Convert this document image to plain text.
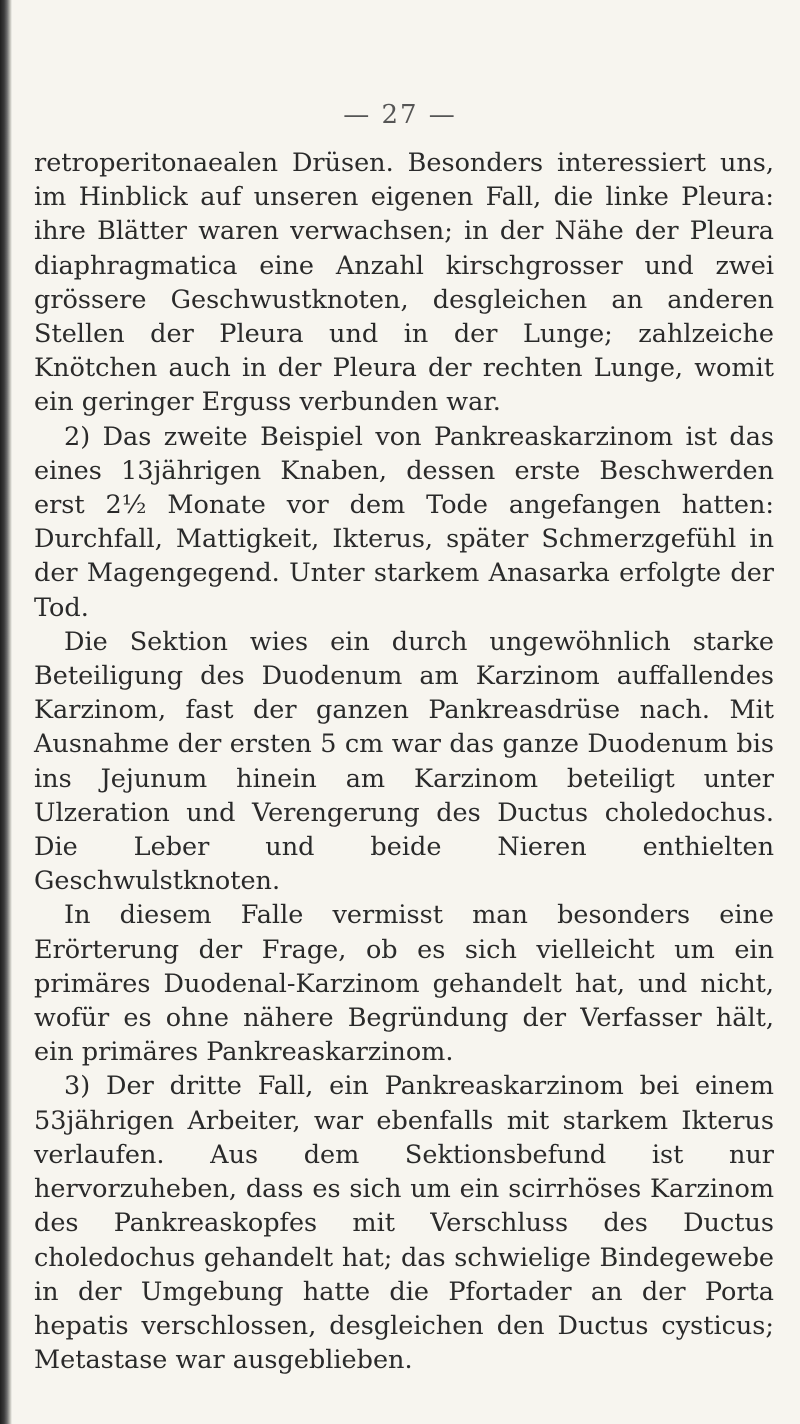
— 27 —

retroperitonaealen Drüsen. Besonders interessiert uns, im Hinblick auf unseren eigenen Fall, die linke Pleura: ihre Blätter waren verwachsen; in der Nähe der Pleura diaphragmatica eine Anzahl kirschgrosser und zwei grössere Geschwustknoten, desgleichen an anderen Stellen der Pleura und in der Lunge; zahlzeiche Knötchen auch in der Pleura der rechten Lunge, womit ein geringer Erguss verbunden war.

2) Das zweite Beispiel von Pankreaskarzinom ist das eines 13jährigen Knaben, dessen erste Beschwerden erst 2½ Monate vor dem Tode angefangen hatten: Durchfall, Mattigkeit, Ikterus, später Schmerzgefühl in der Magengegend. Unter starkem Anasarka erfolgte der Tod.

Die Sektion wies ein durch ungewöhnlich starke Beteiligung des Duodenum am Karzinom auffallendes Karzinom, fast der ganzen Pankreasdrüse nach. Mit Ausnahme der ersten 5 cm war das ganze Duodenum bis ins Jejunum hinein am Karzinom beteiligt unter Ulzeration und Verengerung des Ductus choledochus. Die Leber und beide Nieren enthielten Geschwulstknoten.

In diesem Falle vermisst man besonders eine Erörterung der Frage, ob es sich vielleicht um ein primäres Duodenal-Karzinom gehandelt hat, und nicht, wofür es ohne nähere Begründung der Verfasser hält, ein primäres Pankreaskarzinom.

3) Der dritte Fall, ein Pankreaskarzinom bei einem 53jährigen Arbeiter, war ebenfalls mit starkem Ikterus verlaufen. Aus dem Sektionsbefund ist nur hervorzuheben, dass es sich um ein scirrhöses Karzinom des Pankreaskopfes mit Verschluss des Ductus choledochus gehandelt hat; das schwielige Bindegewebe in der Umgebung hatte die Pfortader an der Porta hepatis verschlossen, desgleichen den Ductus cysticus; Metastase war ausgeblieben.
